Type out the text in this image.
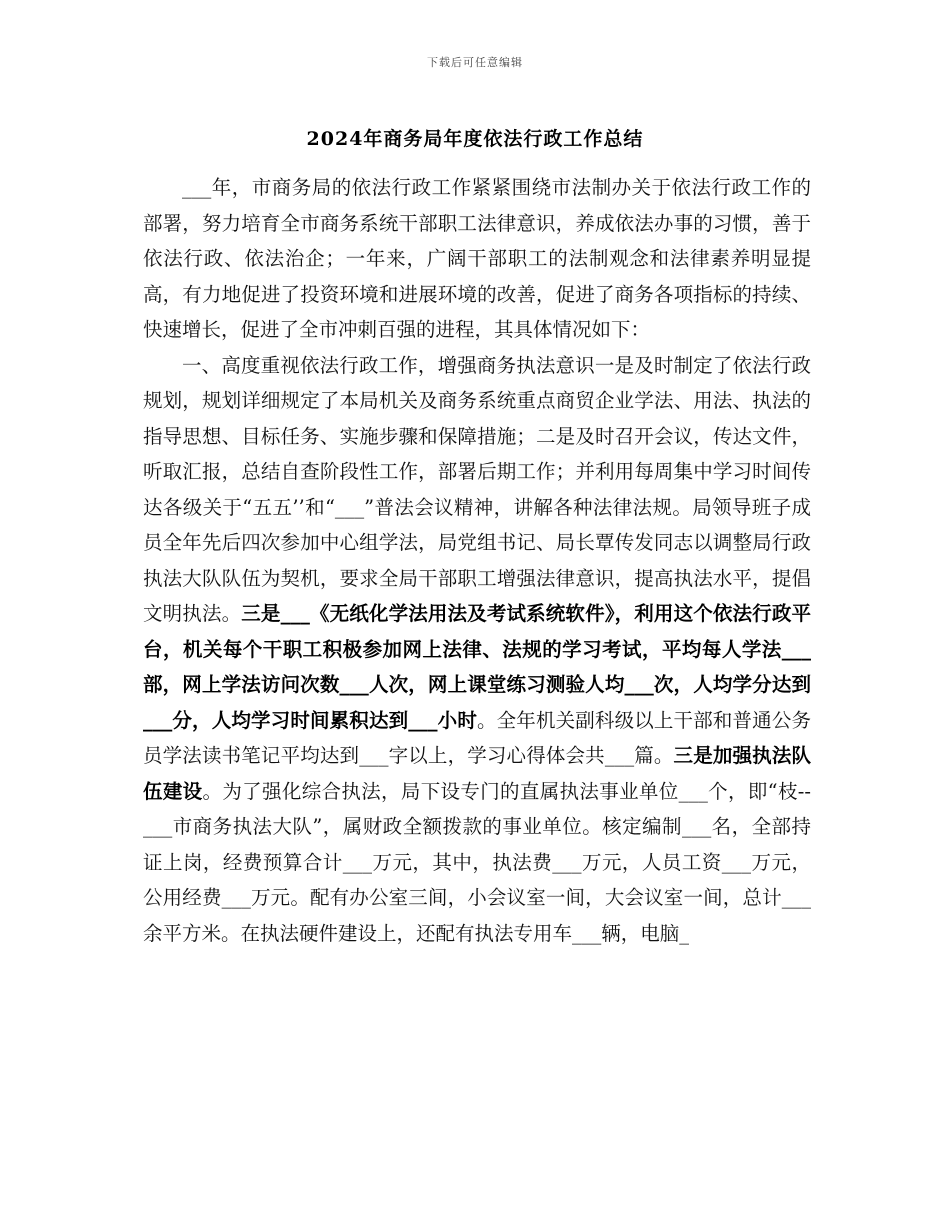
下载后可任意编辑
2024年商务局年度依法行政工作总结

___年，市商务局的依法行政工作紧紧围绕市法制办关于依法行政工作的部署，努力培育全市商务系统干部职工法律意识，养成依法办事的习惯，善于依法行政、依法治企；一年来，广阔干部职工的法制观念和法律素养明显提高，有力地促进了投资环境和进展环境的改善，促进了商务各项指标的持续、快速增长，促进了全市冲刺百强的进程，其具体情况如下：

一、高度重视依法行政工作，增强商务执法意识一是及时制定了依法行政规划，规划详细规定了本局机关及商务系统重点商贸企业学法、用法、执法的指导思想、目标任务、实施步骤和保障措施；二是及时召开会议，传达文件，听取汇报，总结自查阶段性工作，部署后期工作；并利用每周集中学习时间传达各级关于“五五’’和“___”普法会议精神，讲解各种法律法规。局领导班子成员全年先后四次参加中心组学法，局党组书记、局长覃传发同志以调整局行政执法大队队伍为契机，要求全局干部职工增强法律意识，提高执法水平，提倡文明执法。三是___《无纸化学法用法及考试系统软件》，利用这个依法行政平台，机关每个干职工积极参加网上法律、法规的学习考试，平均每人学法___部，网上学法访问次数___人次，网上课堂练习测验人均___次，人均学分达到___分，人均学习时间累积达到___小时。全年机关副科级以上干部和普通公务员学法读书笔记平均达到___字以上，学习心得体会共___篇。三是加强执法队伍建设。为了强化综合执法，局下设专门的直属执法事业单位___个，即“枝--___市商务执法大队”，属财政全额拨款的事业单位。核定编制___名，全部持证上岗，经费预算合计___万元，其中，执法费___万元，人员工资___万元，公用经费___万元。配有办公室三间，小会议室一间，大会议室一间，总计___余平方米。在执法硬件建设上，还配有执法专用车___辆，电脑_
